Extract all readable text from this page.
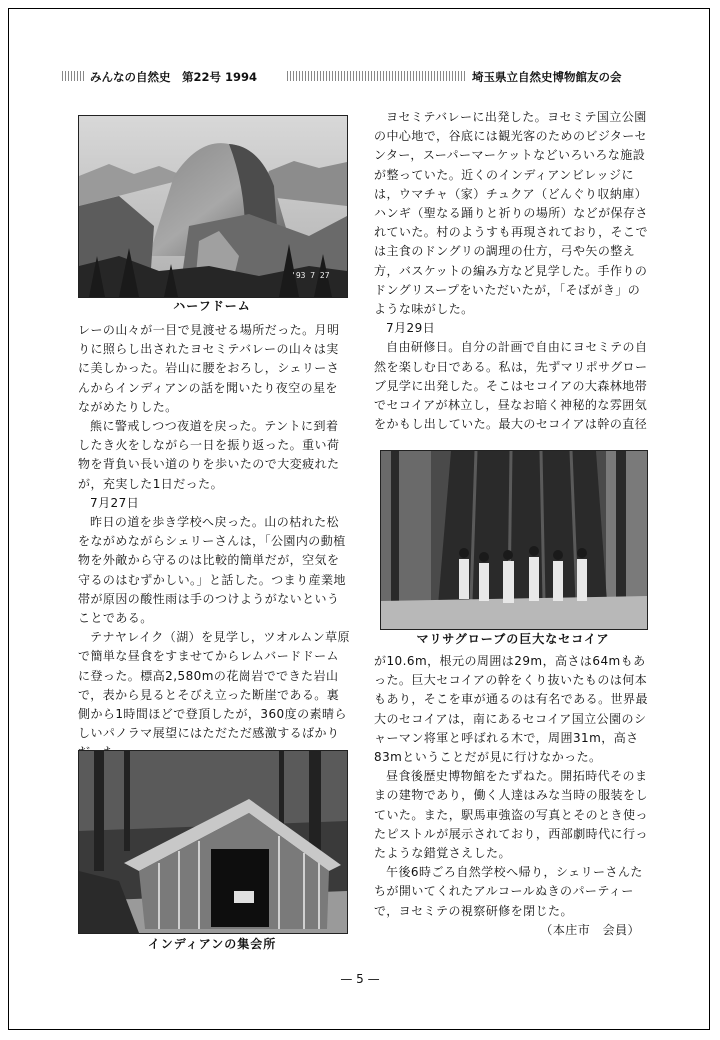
みんなの自然史　第22号 1994	埼玉県立自然史博物館友の会
'93 7 27
ハーフドーム

レーの山々が一目で見渡せる場所だった。月明りに照らし出されたヨセミテバレーの山々は実に美しかった。岩山に腰をおろし，シェリーさんからインディアンの話を聞いたり夜空の星をながめたりした。

熊に警戒しつつ夜道を戻った。テントに到着したき火をしながら一日を振り返った。重い荷物を背負い長い道のりを歩いたので大変疲れたが，充実した1日だった。

7月27日

昨日の道を歩き学校へ戻った。山の枯れた松をながめながらシェリーさんは，「公園内の動植物を外敵から守るのは比較的簡単だが，空気を守るのはむずかしい。」と話した。つまり産業地帯が原因の酸性雨は手のつけようがないということである。

テナヤレイク（湖）を見学し，ツオルムン草原で簡単な昼食をすませてからレムバードドームに登った。標高2,580mの花崗岩でできた岩山で，表から見るとそびえ立った断崖である。裏側から1時間ほどで登頂したが，360度の素晴らしいパノラマ展望にはただただ感激するばかり

インディアンの集会所

ヨセミテバレーに出発した。ヨセミテ国立公園の中心地で，谷底には観光客のためのビジターセンター，スーパーマーケットなどいろいろな施設が整っていた。近くのインディアンビレッジには，ウマチャ（家）チュクア（どんぐり収納庫）ハンギ（聖なる踊りと祈りの場所）などが保存されていた。村のようすも再現されており，そこでは主食のドングリの調理の仕方，弓や矢の整え方，バスケットの編み方など見学した。手作りのドングリスープをいただいたが，「そばがき」のような味がした。

7月29日

自由研修日。自分の計画で自由にヨセミテの自然を楽しむ日である。私は，先ずマリポサグローブ見学に出発した。そこはセコイアの大森林地帯でセコイアが林立し，昼なお暗く神秘的な雰囲気をかもし出していた。最大のセコイアは幹の直径

マリサグローブの巨大なセコイア

が10.6m，根元の周囲は29m，高さは64mもあった。巨大セコイアの幹をくり抜いたものは何本もあり，そこを車が通るのは有名である。世界最大のセコイアは，南にあるセコイア国立公園のシャーマン将軍と呼ばれる木で，周囲31m，高さ83mということだが見に行けなかった。

昼食後歴史博物館をたずねた。開拓時代そのままの建物であり，働く人達はみな当時の服装をしていた。また，駅馬車強盗の写真とそのとき使ったピストルが展示されており，西部劇時代に行ったような錯覚さえした。

午後6時ごろ自然学校へ帰り，シェリーさんたちが開いてくれたアルコールぬきのパーティーで，ヨセミテの視察研修を閉じた。

（本庄市　会員）

— 5 —
